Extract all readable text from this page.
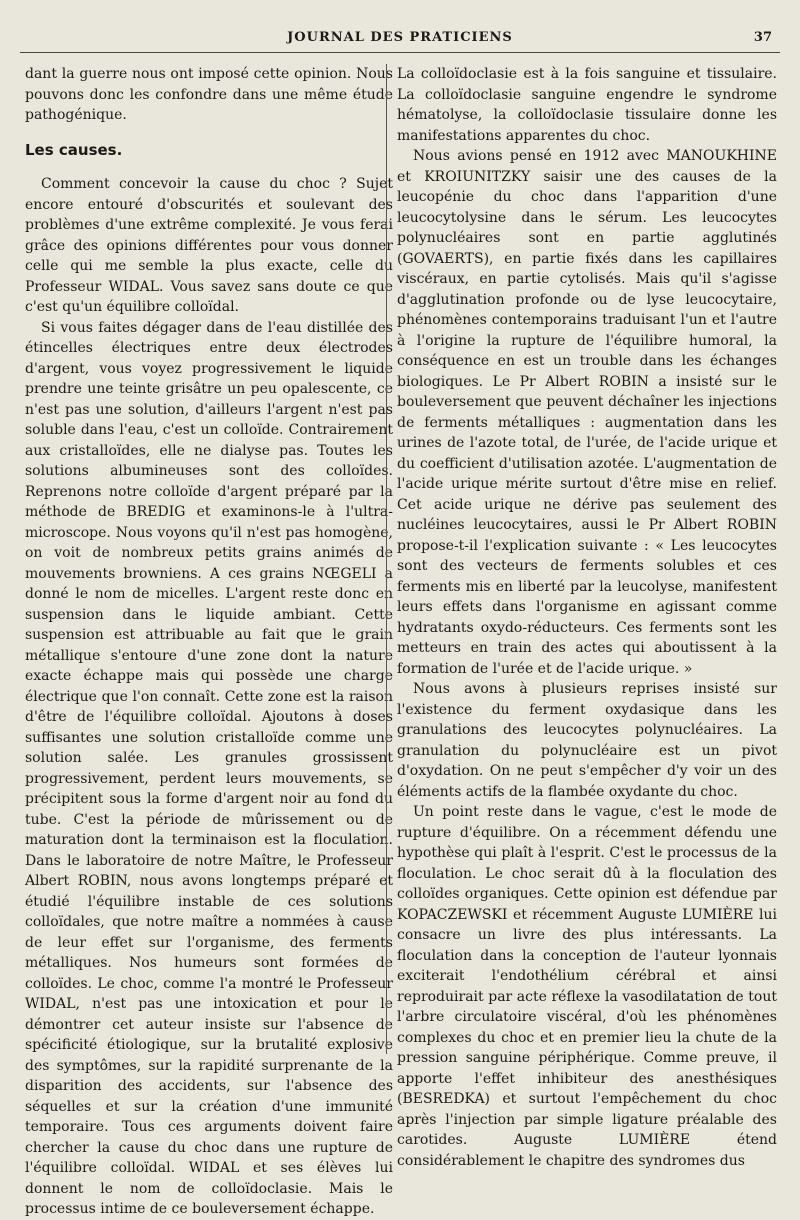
JOURNAL DES PRATICIENS	37

dant la guerre nous ont imposé cette opinion. Nous pouvons donc les confondre dans une même étude pathogénique.

Les causes.

Comment concevoir la cause du choc ? Sujet encore entouré d'obscurités et soulevant des problèmes d'une extrême complexité. Je vous ferai grâce des opinions différentes pour vous donner celle qui me semble la plus exacte, celle du Professeur WIDAL. Vous savez sans doute ce que c'est qu'un équilibre colloïdal.

Si vous faites dégager dans de l'eau distillée des étincelles électriques entre deux électrodes d'argent, vous voyez progressivement le liquide prendre une teinte grisâtre un peu opalescente, ce n'est pas une solution, d'ailleurs l'argent n'est pas soluble dans l'eau, c'est un colloïde. Contrairement aux cristalloïdes, elle ne dialyse pas. Toutes les solutions albumineuses sont des colloïdes. Reprenons notre colloïde d'argent préparé par la méthode de BREDIG et examinons-le à l'ultra-microscope. Nous voyons qu'il n'est pas homogène, on voit de nombreux petits grains animés de mouvements browniens. A ces grains NŒGELI a donné le nom de micelles. L'argent reste donc en suspension dans le liquide ambiant. Cette suspension est attribuable au fait que le grain métallique s'entoure d'une zone dont la nature exacte échappe mais qui possède une charge électrique que l'on connaît. Cette zone est la raison d'être de l'équilibre colloïdal. Ajoutons à doses suffisantes une solution cristalloïde comme une solution salée. Les granules grossissent progressivement, perdent leurs mouvements, se précipitent sous la forme d'argent noir au fond du tube. C'est la période de mûrissement ou de maturation dont la terminaison est la floculation. Dans le laboratoire de notre Maître, le Professeur Albert ROBIN, nous avons longtemps préparé et étudié l'équilibre instable de ces solutions colloïdales, que notre maître a nommées à cause de leur effet sur l'organisme, des ferments métalliques. Nos humeurs sont formées de colloïdes. Le choc, comme l'a montré le Professeur WIDAL, n'est pas une intoxication et pour le démontrer cet auteur insiste sur l'absence de spécificité étiologique, sur la brutalité explosive des symptômes, sur la rapidité surprenante de la disparition des accidents, sur l'absence des séquelles et sur la création d'une immunité temporaire. Tous ces arguments doivent faire chercher la cause du choc dans une rupture de l'équilibre colloïdal. WIDAL et ses élèves lui donnent le nom de colloïdoclasie. Mais le processus intime de ce bouleversement échappe.

La colloïdoclasie est à la fois sanguine et tissulaire. La colloïdoclasie sanguine engendre le syndrome hématolyse, la colloïdoclasie tissulaire donne les manifestations apparentes du choc.

Nous avions pensé en 1912 avec MANOUKHINE et KROIUNITZKY saisir une des causes de la leucopénie du choc dans l'apparition d'une leucocytolysine dans le sérum. Les leucocytes polynucléaires sont en partie agglutinés (GOVAERTS), en partie fixés dans les capillaires viscéraux, en partie cytolisés. Mais qu'il s'agisse d'agglutination profonde ou de lyse leucocytaire, phénomènes contemporains traduisant l'un et l'autre à l'origine la rupture de l'équilibre humoral, la conséquence en est un trouble dans les échanges biologiques. Le Pr Albert ROBIN a insisté sur le bouleversement que peuvent déchaîner les injections de ferments métalliques : augmentation dans les urines de l'azote total, de l'urée, de l'acide urique et du coefficient d'utilisation azotée. L'augmentation de l'acide urique mérite surtout d'être mise en relief. Cet acide urique ne dérive pas seulement des nucléines leucocytaires, aussi le Pr Albert ROBIN propose-t-il l'explication suivante : « Les leucocytes sont des vecteurs de ferments solubles et ces ferments mis en liberté par la leucolyse, manifestent leurs effets dans l'organisme en agissant comme hydratants oxydo-réducteurs. Ces ferments sont les metteurs en train des actes qui aboutissent à la formation de l'urée et de l'acide urique. »

Nous avons à plusieurs reprises insisté sur l'existence du ferment oxydasique dans les granulations des leucocytes polynucléaires. La granulation du polynucléaire est un pivot d'oxydation. On ne peut s'empêcher d'y voir un des éléments actifs de la flambée oxydante du choc.

Un point reste dans le vague, c'est le mode de rupture d'équilibre. On a récemment défendu une hypothèse qui plaît à l'esprit. C'est le processus de la floculation. Le choc serait dû à la floculation des colloïdes organiques. Cette opinion est défendue par KOPACZEWSKI et récemment Auguste LUMIÈRE lui consacre un livre des plus intéressants. La floculation dans la conception de l'auteur lyonnais exciterait l'endothélium cérébral et ainsi reproduirait par acte réflexe la vasodilatation de tout l'arbre circulatoire viscéral, d'où les phénomènes complexes du choc et en premier lieu la chute de la pression sanguine périphérique. Comme preuve, il apporte l'effet inhibiteur des anesthésiques (BESREDKA) et surtout l'empêchement du choc après l'injection par simple ligature préalable des carotides. Auguste LUMIÈRE étend considérablement le chapitre des syndromes dus
